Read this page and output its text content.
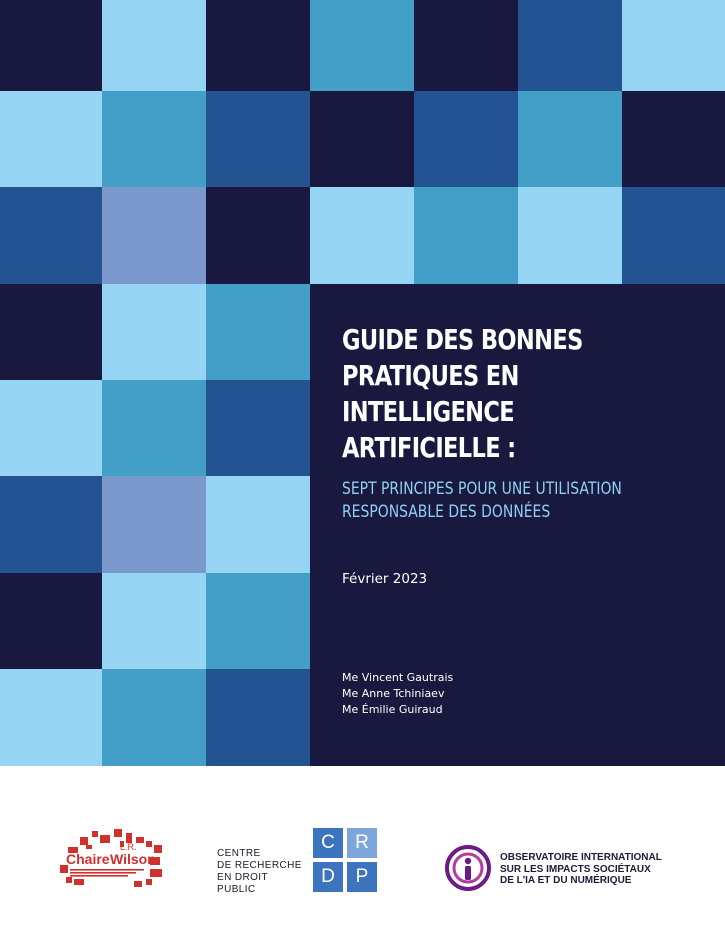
GUIDE DES BONNES
PRATIQUES EN
INTELLIGENCE
ARTIFICIELLE :
SEPT PRINCIPES POUR UNE UTILISATION
RESPONSABLE DES DONNÉES
Février 2023
Me Vincent Gautrais
Me Anne Tchiniaev
Me Émilie Guiraud
Chaire
L.R.
Wilson	CENTRE
DE RECHERCHE
EN DROIT
PUBLIC
C	R
D	P
OBSERVATOIRE INTERNATIONAL
SUR LES IMPACTS SOCIÉTAUX
DE L'IA ET DU NUMÉRIQUE
